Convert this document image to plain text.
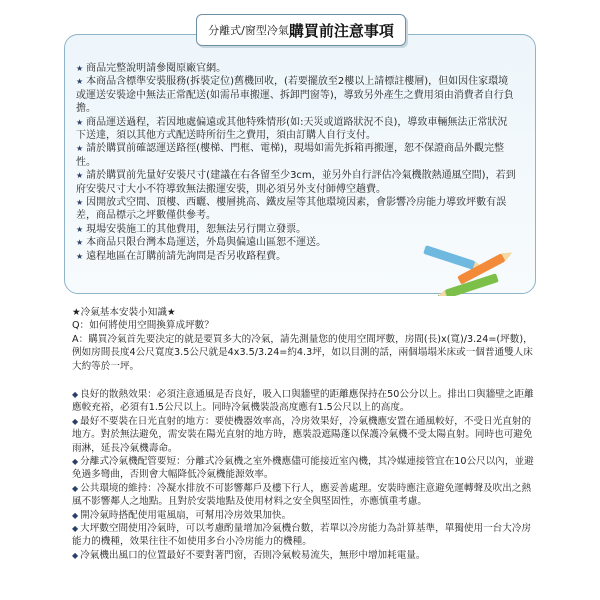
分離式/窗型冷氣 購買前注意事項

★ 商品完整說明請參閱原廠官網。

★ 本商品含標準安裝服務(拆裝定位)舊機回收，(若要擺放至2樓以上請標註樓層)，但如因住家環境或運送安裝途中無法正常配送(如需吊車搬運、拆卸門窗等)，導致另外產生之費用須由消費者自行負擔。

★ 商品運送過程，若因地處偏遠或其他特殊情形(如:天災或道路狀況不良)，導致車輛無法正常狀況下送達，須以其他方式配送時所衍生之費用，須由訂購人自行支付。

★ 請於購買前確認運送路徑(樓梯、門框、電梯)，現場如需先拆箱再搬運，恕不保證商品外觀完整性。

★ 請於購買前先量好安裝尺寸(建議在右各留至少3cm，並另外自行評估冷氣機散熱通風空間)，若到府安裝尺寸大小不符導致無法搬運安裝，則必須另外支付師傅空趟費。

★ 因開放式空間、頂樓、西曬、樓層挑高、鐵皮屋等其他環境因素，會影響冷房能力導致坪數有誤差，商品標示之坪數僅供參考。

★ 現場安裝施工的其他費用，恕無法另行開立發票。

★ 本商品只限台灣本島運送，外島與偏遠山區恕不運送。

★ 遠程地區在訂購前請先詢問是否另收路程費。

★冷氣基本安裝小知識★

Q：如何將使用空間換算成坪數？

A：購買冷氣首先要決定的就是要買多大的冷氣，請先測量您的使用空間坪數，房間(長)x(寬)/3.24=(坪數)，例如房間長度4公尺寬度3.5公尺就是4x3.5/3.24=約4.3坪，如以目測的話，兩個塌塌米床或一個普通雙人床大約等於一坪。

◆ 良好的散熱效果：必須注意通風是否良好，吸入口與牆壁的距離應保持在50公分以上。排出口與牆壁之距離應較充裕，必須有1.5公尺以上。同時冷氣機裝設高度應有1.5公尺以上的高度。

◆ 最好不要裝在日光直射的地方：要使機器效率高，冷房效果好，冷氣機應安置在通風較好，不受日光直射的地方。對於無法避免，需安裝在陽光直射的地方時，應裝設遮陽蓬以保護冷氣機不受太陽直射。同時也可避免雨淋，延長冷氣機壽命。

◆ 分離式冷氣機配管要短：分離式冷氣機之室外機應儘可能接近室內機，其冷媒連接管宜在10公尺以內，並避免過多彎曲，否則會大幅降低冷氣機能源效率。

◆ 公共環境的維持：冷凝水排放不可影響鄰戶及樓下行人，應妥善處理。安裝時應注意避免運轉聲及吹出之熱風不影響鄰人之地點。且對於安裝地點及使用材料之安全與堅固性，亦應慎重考慮。

◆ 開冷氣時搭配使用電風扇，可幫用冷房效果加快。

◆ 大坪數空間使用冷氣時，可以考慮酌量增加冷氣機台數，若單以冷房能力為計算基準，單獨使用一台大冷房能力的機種，效果往往不如使用多台小冷房能力的機種。

◆ 冷氣機出風口的位置最好不要對著門窗，否則冷氣較易流失，無形中增加耗電量。
